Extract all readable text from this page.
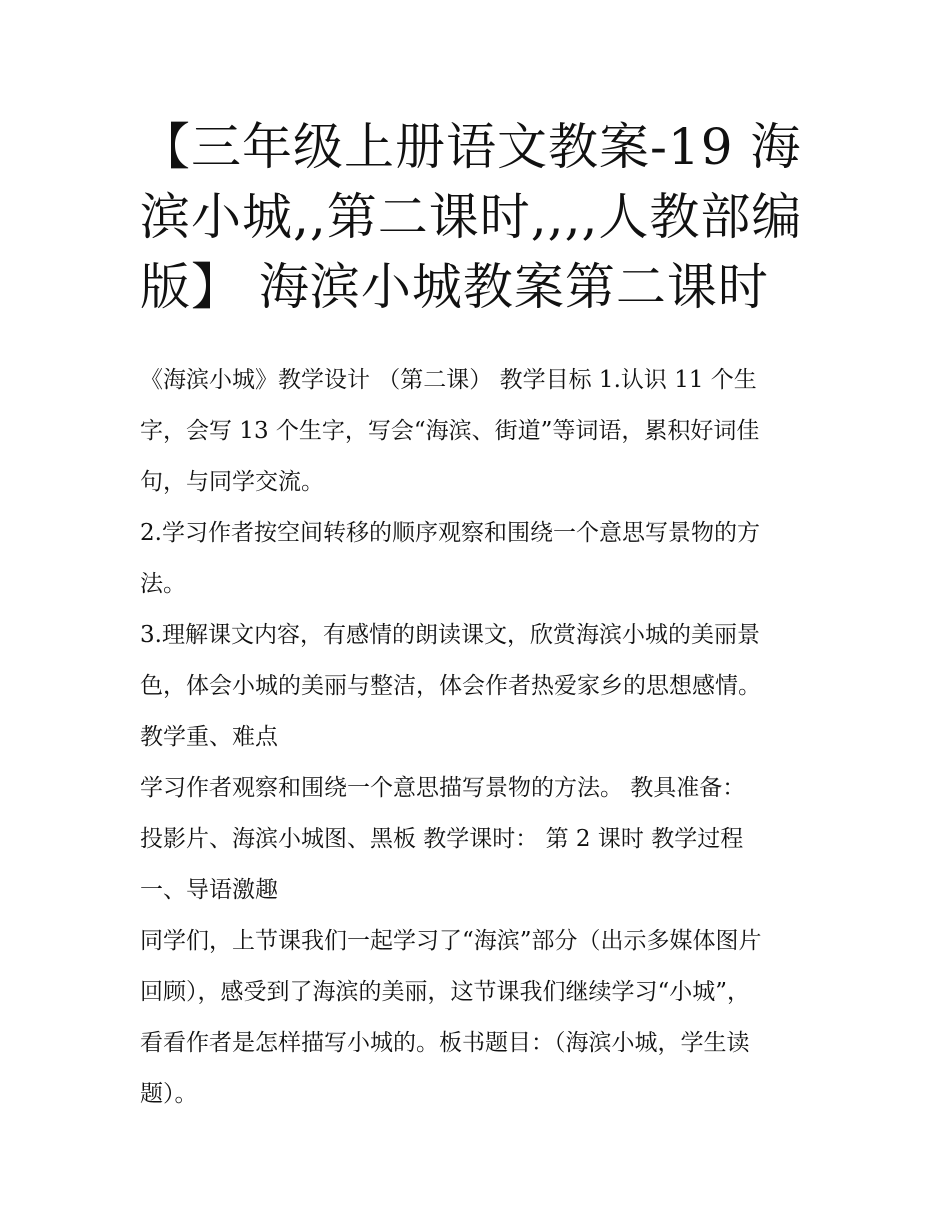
【三年级上册语文教案-19 海
滨小城,,第二课时,,,,人教部编
版】 海滨小城教案第二课时
《海滨小城》教学设计 （第二课） 教学目标 1.认识 11 个生
字，会写 13 个生字，写会“海滨、街道”等词语，累积好词佳
句，与同学交流。
2.学习作者按空间转移的顺序观察和围绕一个意思写景物的方
法。
3.理解课文内容，有感情的朗读课文，欣赏海滨小城的美丽景
色，体会小城的美丽与整洁，体会作者热爱家乡的思想感情。
教学重、难点
学习作者观察和围绕一个意思描写景物的方法。 教具准备：
投影片、海滨小城图、黑板 教学课时： 第 2 课时 教学过程
一、导语激趣
同学们，上节课我们一起学习了“海滨”部分（出示多媒体图片
回顾），感受到了海滨的美丽，这节课我们继续学习“小城”，
看看作者是怎样描写小城的。板书题目：（海滨小城，学生读
题）。
